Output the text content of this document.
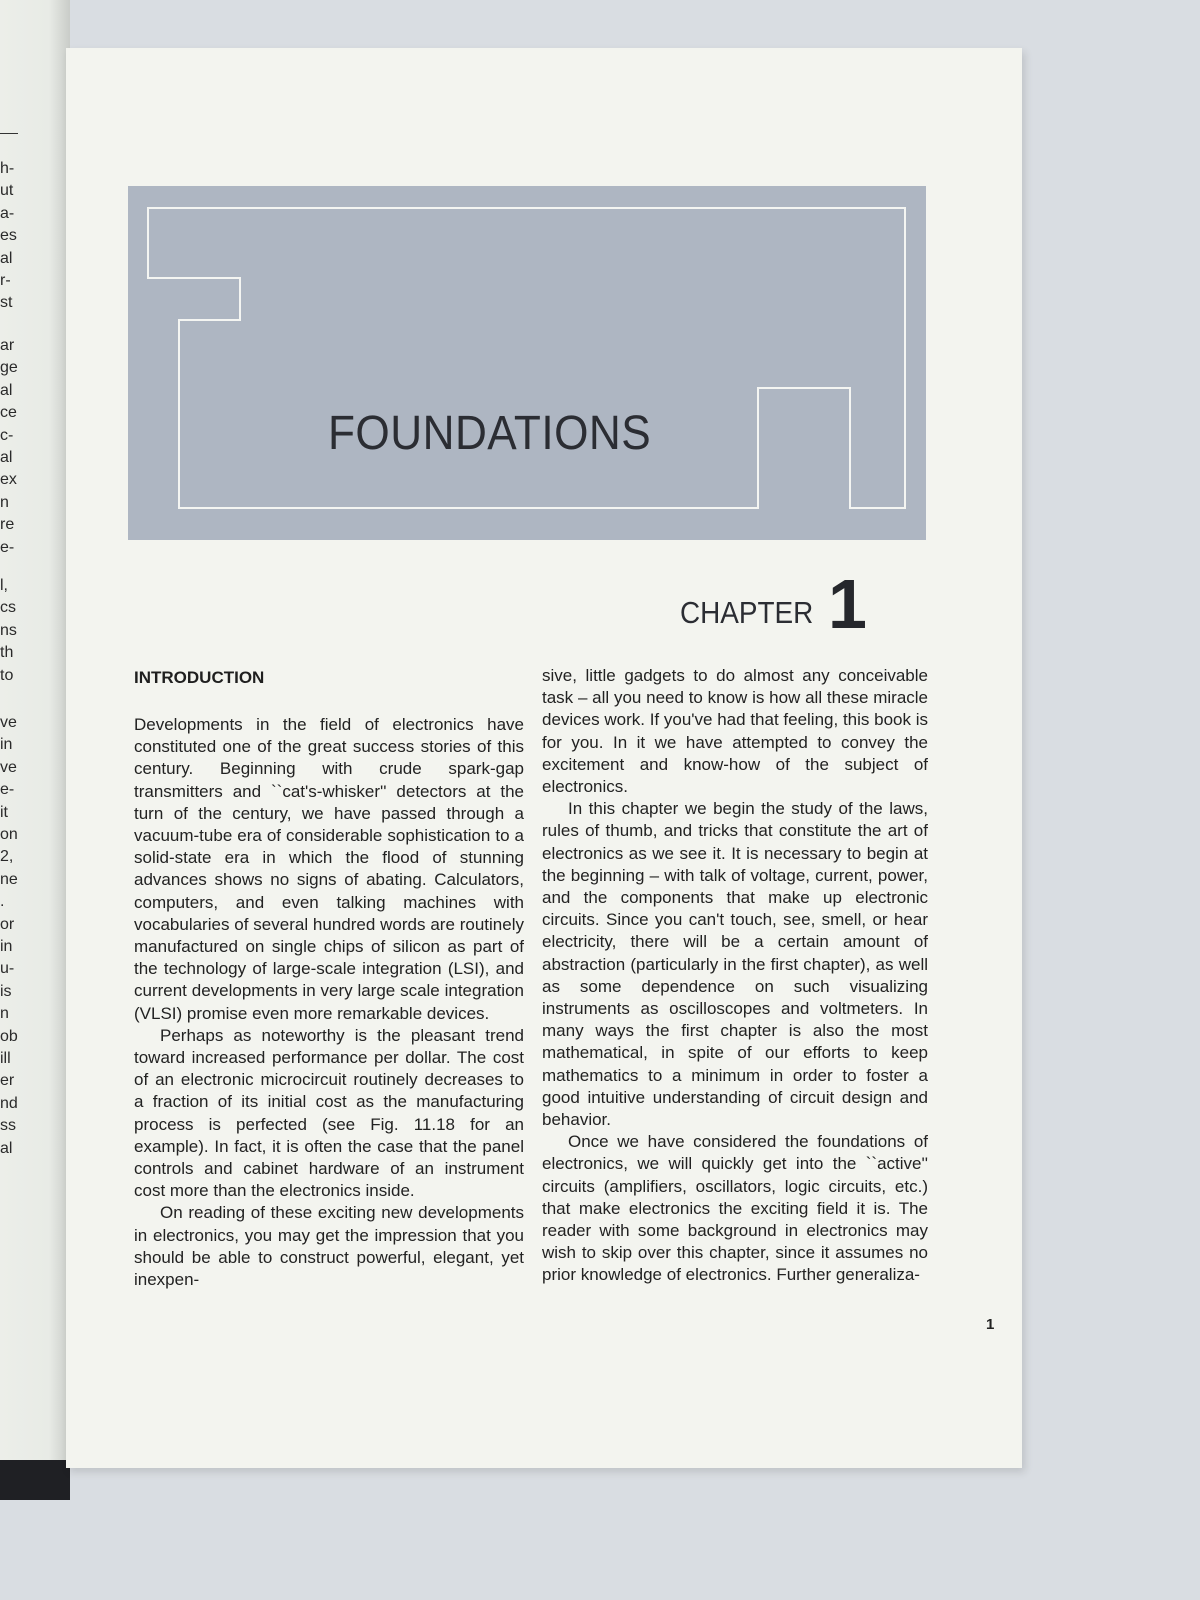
h-
ut
a-
es
al
r-
st
ar
ge
al
ce
c-
al
ex
n
re
e-
l,
cs
ns
th
to
ve
in
ve
e-
it
on
2,
ne
.
or
in
u-
is
n
ob
ill
er
nd
ss
al
FOUNDATIONS
CHAPTER 1
INTRODUCTION

Developments in the field of electronics have constituted one of the great success stories of this century. Beginning with crude spark-gap transmitters and ``cat's-whisker'' detectors at the turn of the century, we have passed through a vacuum-tube era of considerable sophistication to a solid-state era in which the flood of stunning advances shows no signs of abating. Calculators, computers, and even talking machines with vocabularies of several hundred words are routinely manufactured on single chips of silicon as part of the technology of large-scale integration (LSI), and current developments in very large scale integration (VLSI) promise even more remarkable devices.

Perhaps as noteworthy is the pleasant trend toward increased performance per dollar. The cost of an electronic microcircuit routinely decreases to a fraction of its initial cost as the manufacturing process is perfected (see Fig. 11.18 for an example). In fact, it is often the case that the panel controls and cabinet hardware of an instrument cost more than the electronics inside.

On reading of these exciting new developments in electronics, you may get the impression that you should be able to construct powerful, elegant, yet inexpen-

sive, little gadgets to do almost any conceivable task – all you need to know is how all these miracle devices work. If you've had that feeling, this book is for you. In it we have attempted to convey the excitement and know-how of the subject of electronics.

In this chapter we begin the study of the laws, rules of thumb, and tricks that constitute the art of electronics as we see it. It is necessary to begin at the beginning – with talk of voltage, current, power, and the components that make up electronic circuits. Since you can't touch, see, smell, or hear electricity, there will be a certain amount of abstraction (particularly in the first chapter), as well as some dependence on such visualizing instruments as oscilloscopes and voltmeters. In many ways the first chapter is also the most mathematical, in spite of our efforts to keep mathematics to a minimum in order to foster a good intuitive understanding of circuit design and behavior.

Once we have considered the foundations of electronics, we will quickly get into the ``active'' circuits (amplifiers, oscillators, logic circuits, etc.) that make electronics the exciting field it is. The reader with some background in electronics may wish to skip over this chapter, since it assumes no prior knowledge of electronics. Further generaliza-

1
